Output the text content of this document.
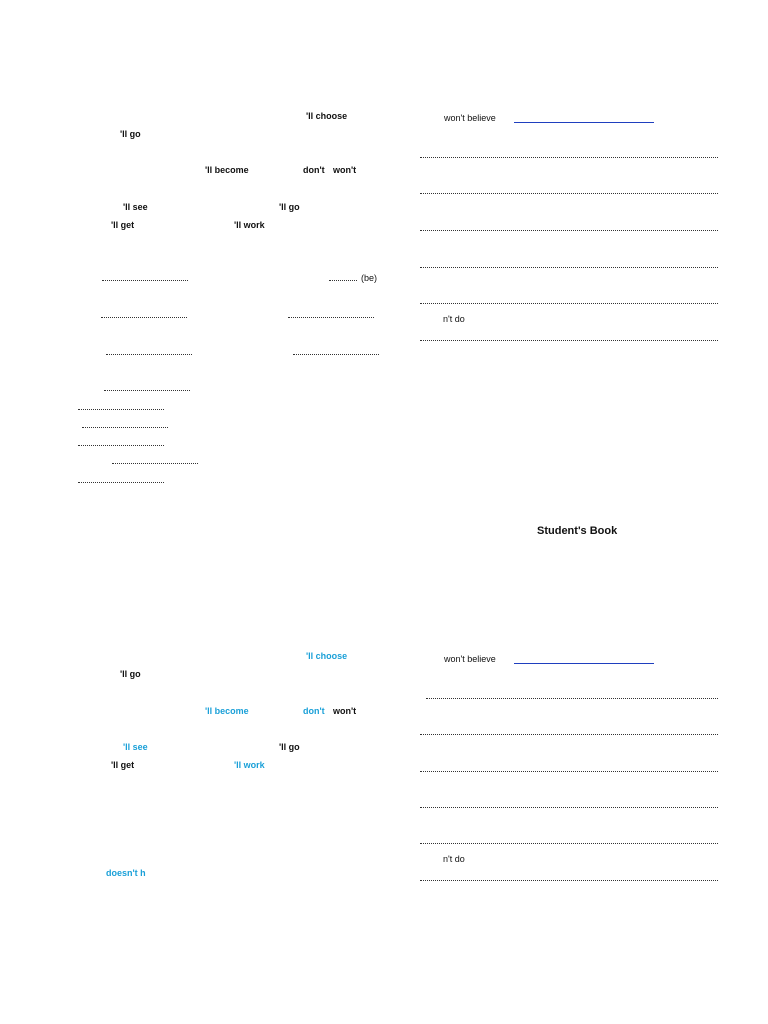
'll choose
'll go
'll become	don't won't
'll see	'll go
'll get	'll work
(be)
won't believe
n't do
Student's Book
'll choose
'll go
'll become	don't won't
'll see	'll go
'll get	'll work
doesn't h
won't believe
n't do
